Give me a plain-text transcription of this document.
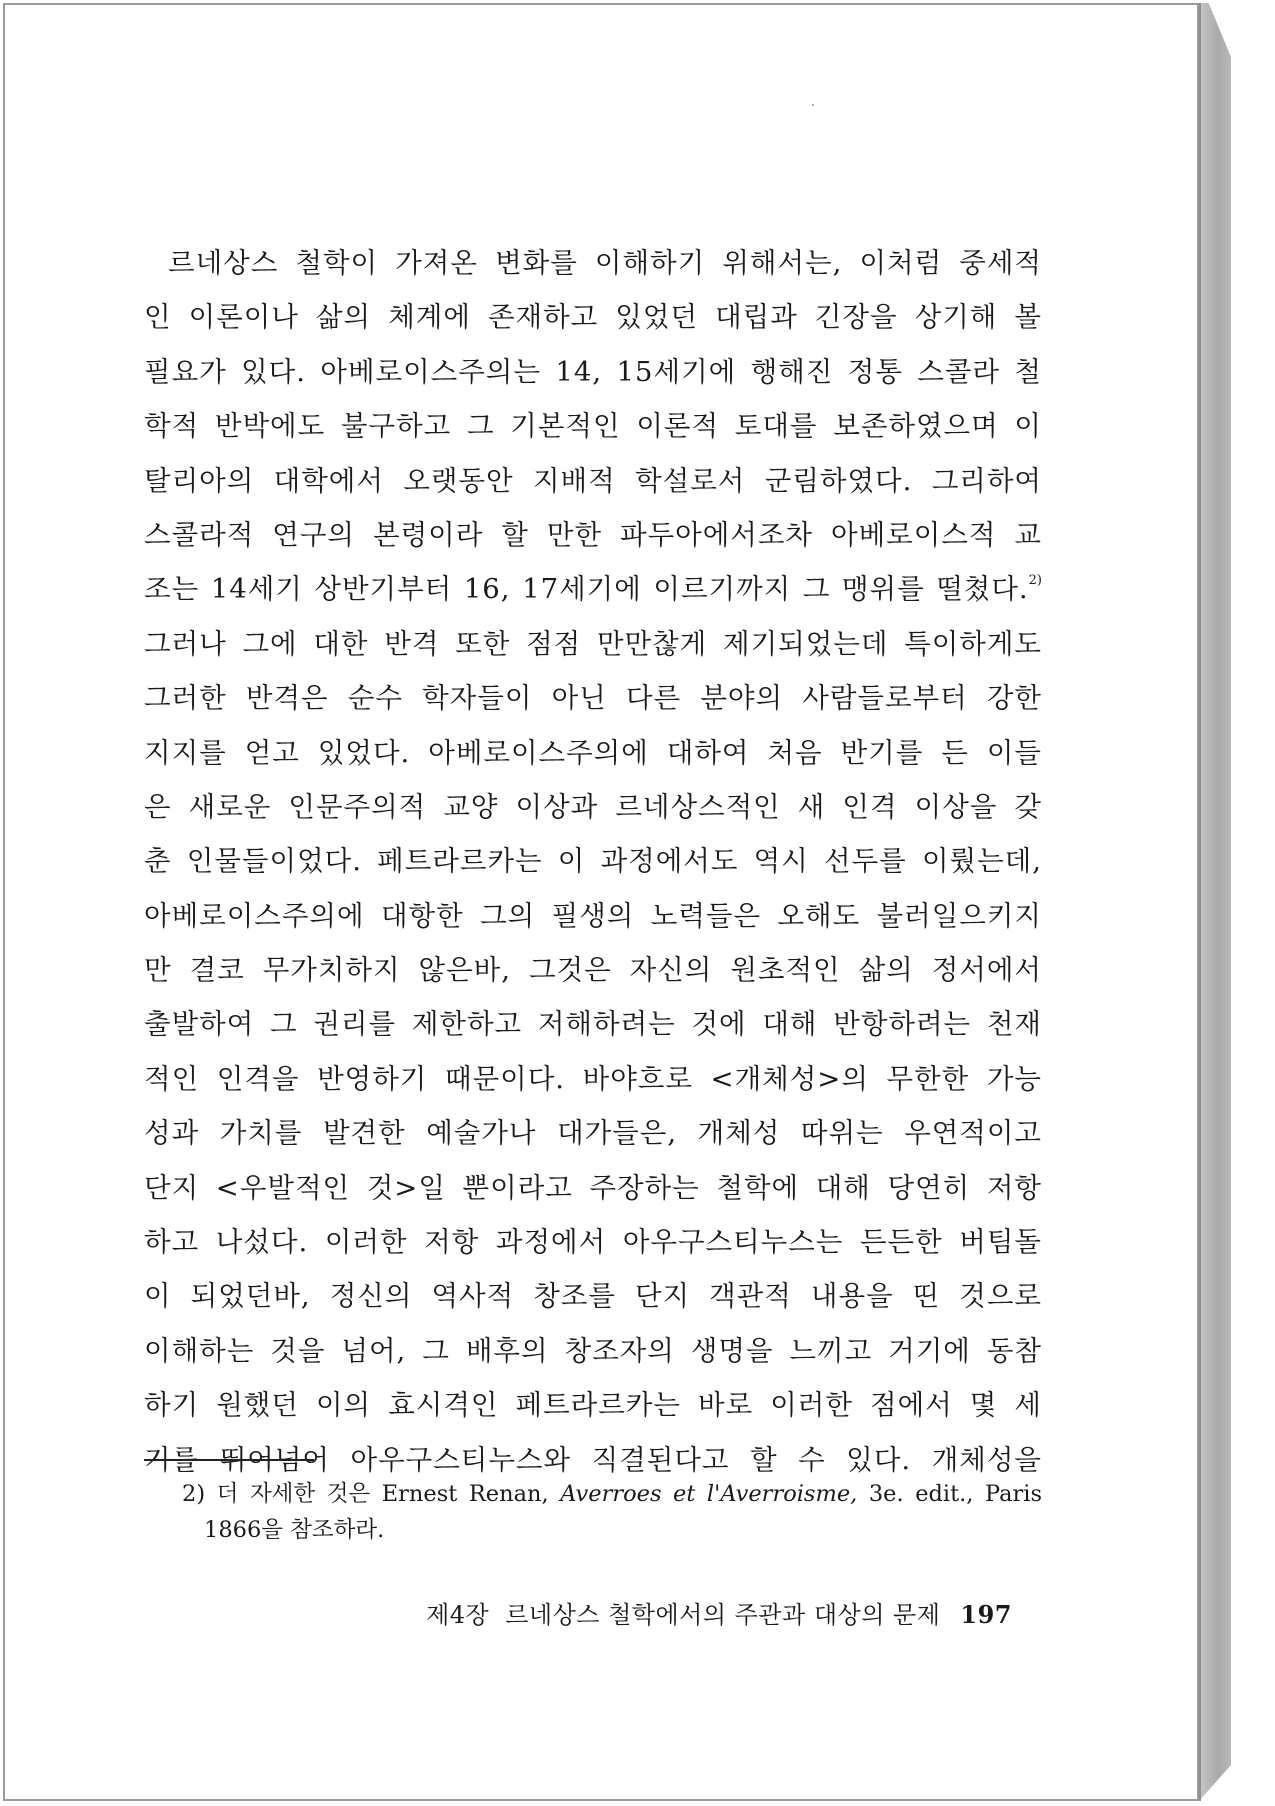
르네상스 철학이 가져온 변화를 이해하기 위해서는, 이처럼 중세적
인 이론이나 삶의 체계에 존재하고 있었던 대립과 긴장을 상기해 볼
필요가 있다. 아베로이스주의는 14, 15세기에 행해진 정통 스콜라 철
학적 반박에도 불구하고 그 기본적인 이론적 토대를 보존하였으며 이
탈리아의 대학에서 오랫동안 지배적 학설로서 군림하였다. 그리하여
스콜라적 연구의 본령이라 할 만한 파두아에서조차 아베로이스적 교
조는 14세기 상반기부터 16, 17세기에 이르기까지 그 맹위를 떨쳤다.$^{2)}$
그러나 그에 대한 반격 또한 점점 만만찮게 제기되었는데 특이하게도
그러한 반격은 순수 학자들이 아닌 다른 분야의 사람들로부터 강한
지지를 얻고 있었다. 아베로이스주의에 대하여 처음 반기를 든 이들
은 새로운 인문주의적 교양 이상과 르네상스적인 새 인격 이상을 갖
춘 인물들이었다. 페트라르카는 이 과정에서도 역시 선두를 이뤘는데,
아베로이스주의에 대항한 그의 필생의 노력들은 오해도 불러일으키지
만 결코 무가치하지 않은바, 그것은 자신의 원초적인 삶의 정서에서
출발하여 그 권리를 제한하고 저해하려는 것에 대해 반항하려는 천재
적인 인격을 반영하기 때문이다. 바야흐로 <개체성>의 무한한 가능
성과 가치를 발견한 예술가나 대가들은, 개체성 따위는 우연적이고
단지 <우발적인 것>일 뿐이라고 주장하는 철학에 대해 당연히 저항
하고 나섰다. 이러한 저항 과정에서 아우구스티누스는 든든한 버팀돌
이 되었던바, 정신의 역사적 창조를 단지 객관적 내용을 띤 것으로
이해하는 것을 넘어, 그 배후의 창조자의 생명을 느끼고 거기에 동참
하기 원했던 이의 효시격인 페트라르카는 바로 이러한 점에서 몇 세
기를 뛰어넘어 아우구스티누스와 직결된다고 할 수 있다. 개체성을
2) 더 자세한 것은 Ernest Renan, Averroes et l'Averroisme, 3e. edit., Paris
1866을 참조하라.
제4장 르네상스 철학에서의 주관과 대상의 문제 197
